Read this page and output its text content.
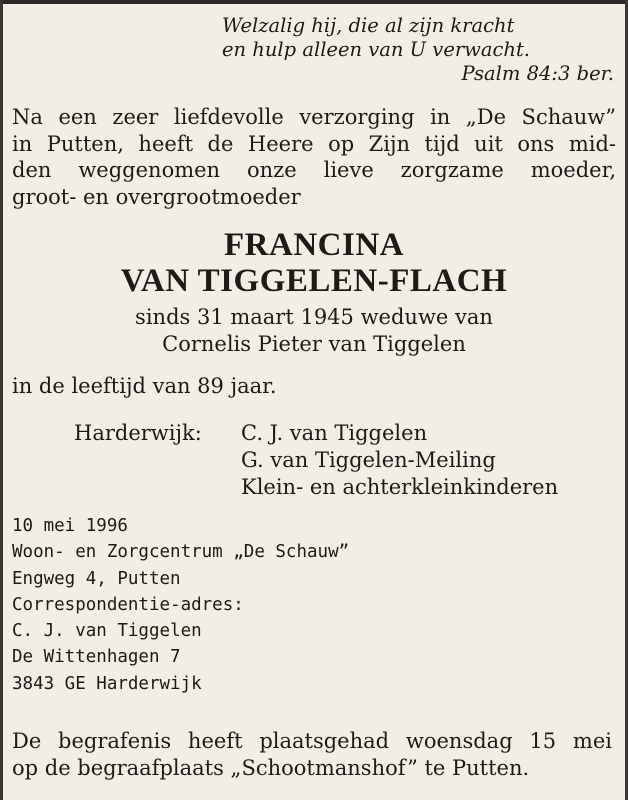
Welzalig hij, die al zijn kracht
en hulp alleen van U verwacht.
Psalm 84:3 ber.
Na een zeer liefdevolle verzorging in „De Schauw”
in Putten, heeft de Heere op Zijn tijd uit ons mid-
den weggenomen onze lieve zorgzame moeder,
groot- en overgrootmoeder
FRANCINA
VAN TIGGELEN-FLACH
sinds 31 maart 1945 weduwe van
Cornelis Pieter van Tiggelen
in de leeftijd van 89 jaar.
Harderwijk: C. J. van Tiggelen
G. van Tiggelen-Meiling
Klein- en achterkleinkinderen
10 mei 1996
Woon- en Zorgcentrum „De Schauw”
Engweg 4, Putten
Correspondentie-adres:
C. J. van Tiggelen
De Wittenhagen 7
3843 GE Harderwijk
De begrafenis heeft plaatsgehad woensdag 15 mei
op de begraafplaats „Schootmanshof” te Putten.
